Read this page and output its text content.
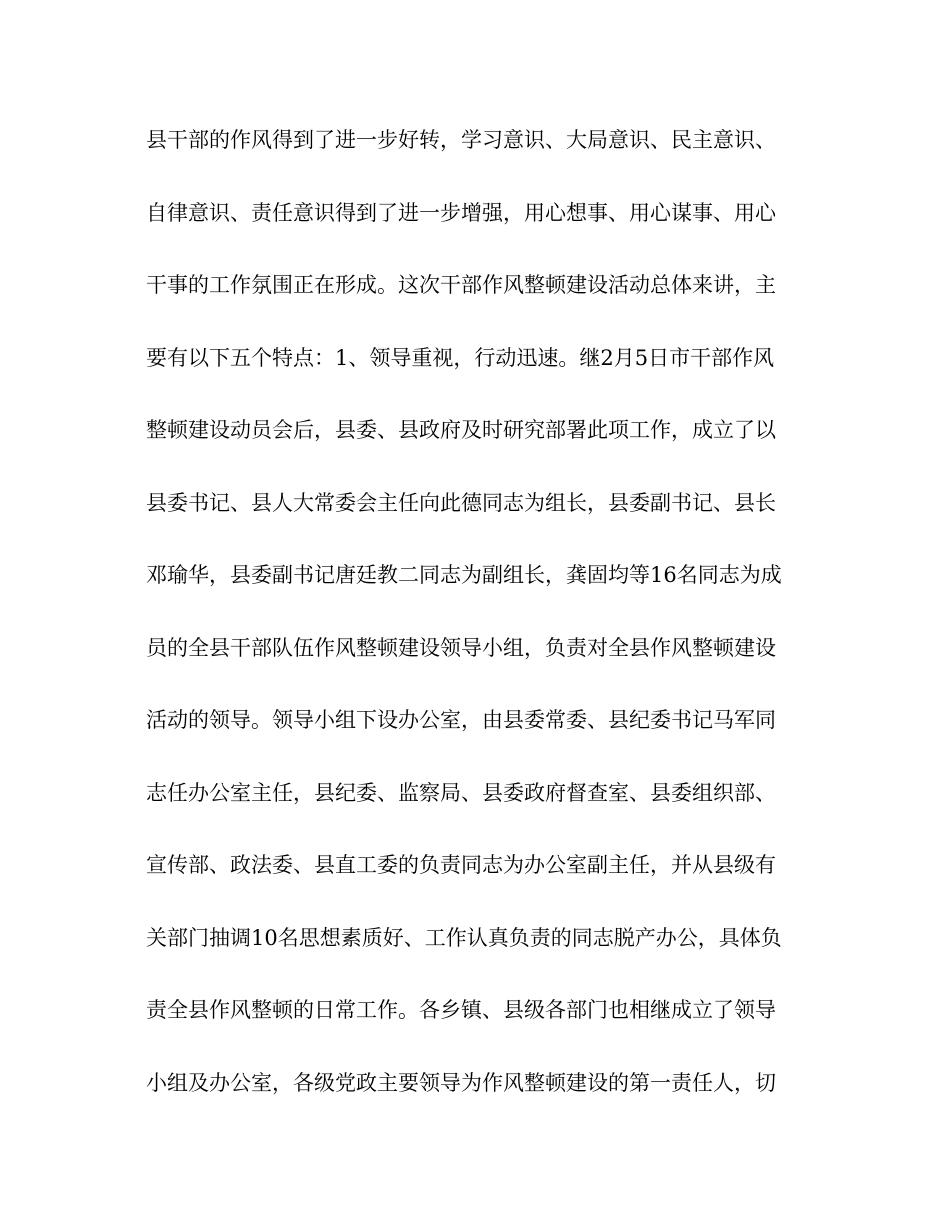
县干部的作风得到了进一步好转，学习意识、大局意识、民主意识、
自律意识、责任意识得到了进一步增强，用心想事、用心谋事、用心
干事的工作氛围正在形成。这次干部作风整顿建设活动总体来讲，主
要有以下五个特点：1、领导重视，行动迅速。继2月5日市干部作风
整顿建设动员会后，县委、县政府及时研究部署此项工作，成立了以
县委书记、县人大常委会主任向此德同志为组长，县委副书记、县长
邓瑜华，县委副书记唐廷教二同志为副组长，龚固均等16名同志为成
员的全县干部队伍作风整顿建设领导小组，负责对全县作风整顿建设
活动的领导。领导小组下设办公室，由县委常委、县纪委书记马军同
志任办公室主任，县纪委、监察局、县委政府督查室、县委组织部、
宣传部、政法委、县直工委的负责同志为办公室副主任，并从县级有
关部门抽调10名思想素质好、工作认真负责的同志脱产办公，具体负
责全县作风整顿的日常工作。各乡镇、县级各部门也相继成立了领导
小组及办公室，各级党政主要领导为作风整顿建设的第一责任人，切
